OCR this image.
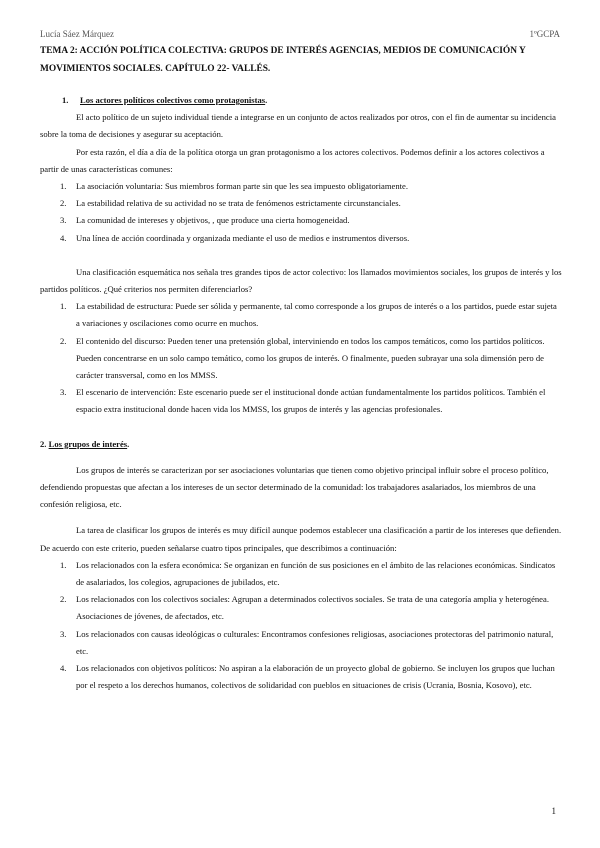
Lucía Sáez Márquez	1ºGCPA
TEMA 2: ACCIÓN POLÍTICA COLECTIVA: GRUPOS DE INTERÉS AGENCIAS, MEDIOS DE COMUNICACIÓN Y MOVIMIENTOS SOCIALES. CAPÍTULO 22- VALLÉS.

1. Los actores políticos colectivos como protagonistas.

El acto político de un sujeto individual tiende a integrarse en un conjunto de actos realizados por otros, con el fin de aumentar su incidencia sobre la toma de decisiones y asegurar su aceptación.

Por esta razón, el día a día de la política otorga un gran protagonismo a los actores colectivos. Podemos definir a los actores colectivos a partir de unas características comunes:

1. La asociación voluntaria: Sus miembros forman parte sin que les sea impuesto obligatoriamente.
2. La estabilidad relativa de su actividad no se trata de fenómenos estrictamente circunstanciales.
3. La comunidad de intereses y objetivos, , que produce una cierta homogeneidad.
4. Una línea de acción coordinada y organizada mediante el uso de medios e instrumentos diversos.

Una clasificación esquemática nos señala tres grandes tipos de actor colectivo: los llamados movimientos sociales, los grupos de interés y los partidos políticos. ¿Qué criterios nos permiten diferenciarlos?

1. La estabilidad de estructura: Puede ser sólida y permanente, tal como corresponde a los grupos de interés o a los partidos, puede estar sujeta a variaciones y oscilaciones como ocurre en muchos.
2. El contenido del discurso: Pueden tener una pretensión global, interviniendo en todos los campos temáticos, como los partidos políticos. Pueden concentrarse en un solo campo temático, como los grupos de interés. O finalmente, pueden subrayar una sola dimensión pero de carácter transversal, como en los MMSS.
3. El escenario de intervención: Este escenario puede ser el institucional donde actúan fundamentalmente los partidos políticos. También el espacio extra institucional donde hacen vida los MMSS, los grupos de interés y las agencias profesionales.

2. Los grupos de interés.

Los grupos de interés se caracterizan por ser asociaciones voluntarias que tienen como objetivo principal influir sobre el proceso político, defendiendo propuestas que afectan a los intereses de un sector determinado de la comunidad: los trabajadores asalariados, los miembros de una confesión religiosa, etc.

La tarea de clasificar los grupos de interés es muy difícil aunque podemos establecer una clasificación a partir de los intereses que defienden. De acuerdo con este criterio, pueden señalarse cuatro tipos principales, que describimos a continuación:

1. Los relacionados con la esfera económica: Se organizan en función de sus posiciones en el ámbito de las relaciones económicas. Sindicatos de asalariados, los colegios, agrupaciones de jubilados, etc.
2. Los relacionados con los colectivos sociales: Agrupan a determinados colectivos sociales. Se trata de una categoría amplia y heterogénea. Asociaciones de jóvenes, de afectados, etc.
3. Los relacionados con causas ideológicas o culturales: Encontramos confesiones religiosas, asociaciones protectoras del patrimonio natural, etc.
4. Los relacionados con objetivos políticos: No aspiran a la elaboración de un proyecto global de gobierno. Se incluyen los grupos que luchan por el respeto a los derechos humanos, colectivos de solidaridad con pueblos en situaciones de crisis (Ucrania, Bosnia, Kosovo), etc.
1
